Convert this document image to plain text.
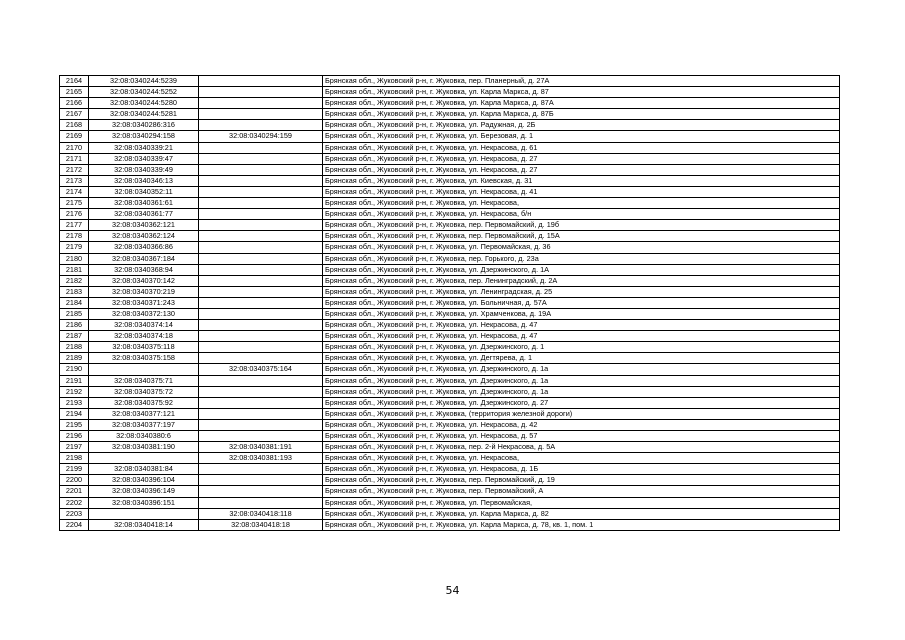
2164	32:08:0340244:5239		Брянская обл., Жуковский р-н, г. Жуковка, пер. Планерный, д. 27А
2165	32:08:0340244:5252		Брянская обл., Жуковский р-н, г. Жуковка, ул. Карла Маркса, д. 87
2166	32:08:0340244:5280		Брянская обл., Жуковский р-н, г. Жуковка, ул. Карла Маркса, д. 87А
2167	32:08:0340244:5281		Брянская обл., Жуковский р-н, г. Жуковка, ул. Карла Маркса, д. 87Б
2168	32:08:0340286:316		Брянская обл., Жуковский р-н, г. Жуковка, ул. Радужная, д. 2Б
2169	32:08:0340294:158	32:08:0340294:159	Брянская обл., Жуковский р-н, г. Жуковка, ул. Березовая, д. 1
2170	32:08:0340339:21		Брянская обл., Жуковский р-н, г. Жуковка, ул. Некрасова, д. 61
2171	32:08:0340339:47		Брянская обл., Жуковский р-н, г. Жуковка, ул. Некрасова, д. 27
2172	32:08:0340339:49		Брянская обл., Жуковский р-н, г. Жуковка, ул. Некрасова, д. 27
2173	32:08:0340346:13		Брянская обл., Жуковский р-н, г. Жуковка, ул. Киевская, д. 31
2174	32:08:0340352:11		Брянская обл., Жуковский р-н, г. Жуковка, ул. Некрасова, д. 41
2175	32:08:0340361:61		Брянская обл., Жуковский р-н, г. Жуковка, ул. Некрасова,
2176	32:08:0340361:77		Брянская обл., Жуковский р-н, г. Жуковка, ул. Некрасова, б/н
2177	32:08:0340362:121		Брянская обл., Жуковский р-н, г. Жуковка, пер. Первомайский, д. 19б
2178	32:08:0340362:124		Брянская обл., Жуковский р-н, г. Жуковка, пер. Первомайский, д. 15А
2179	32:08:0340366:86		Брянская обл., Жуковский р-н, г. Жуковка, ул. Первомайская, д. 36
2180	32:08:0340367:184		Брянская обл., Жуковский р-н, г. Жуковка, пер. Горького, д. 23а
2181	32:08:0340368:94		Брянская обл., Жуковский р-н, г. Жуковка, ул. Дзержинского, д. 1А
2182	32:08:0340370:142		Брянская обл., Жуковский р-н, г. Жуковка, пер. Ленинградский, д. 2А
2183	32:08:0340370:219		Брянская обл., Жуковский р-н, г. Жуковка, ул. Ленинградская, д. 25
2184	32:08:0340371:243		Брянская обл., Жуковский р-н, г. Жуковка, ул. Больничная, д. 57А
2185	32:08:0340372:130		Брянская обл., Жуковский р-н, г. Жуковка, ул. Храмченкова, д. 19А
2186	32:08:0340374:14		Брянская обл., Жуковский р-н, г. Жуковка, ул. Некрасова, д. 47
2187	32:08:0340374:18		Брянская обл., Жуковский р-н, г. Жуковка, ул. Некрасова, д. 47
2188	32:08:0340375:118		Брянская обл., Жуковский р-н, г. Жуковка, ул. Дзержинского, д. 1
2189	32:08:0340375:158		Брянская обл., Жуковский р-н, г. Жуковка, ул. Дегтярева, д. 1
2190		32:08:0340375:164	Брянская обл., Жуковский р-н, г. Жуковка, ул. Дзержинского, д. 1а
2191	32:08:0340375:71		Брянская обл., Жуковский р-н, г. Жуковка, ул. Дзержинского, д. 1а
2192	32:08:0340375:72		Брянская обл., Жуковский р-н, г. Жуковка, ул. Дзержинского, д. 1а
2193	32:08:0340375:92		Брянская обл., Жуковский р-н, г. Жуковка, ул. Дзержинского, д. 27
2194	32:08:0340377:121		Брянская обл., Жуковский р-н, г. Жуковка, (территория железной дороги)
2195	32:08:0340377:197		Брянская обл., Жуковский р-н, г. Жуковка, ул. Некрасова, д. 42
2196	32:08:0340380:6		Брянская обл., Жуковский р-н, г. Жуковка, ул. Некрасова, д. 57
2197	32:08:0340381:190	32:08:0340381:191	Брянская обл., Жуковский р-н, г. Жуковка, пер. 2-й Некрасова, д. 5А
2198		32:08:0340381:193	Брянская обл., Жуковский р-н, г. Жуковка, ул. Некрасова,
2199	32:08:0340381:84		Брянская обл., Жуковский р-н, г. Жуковка, ул. Некрасова, д. 1Б
2200	32:08:0340396:104		Брянская обл., Жуковский р-н, г. Жуковка, пер. Первомайский, д. 19
2201	32:08:0340396:149		Брянская обл., Жуковский р-н, г. Жуковка, пер. Первомайский, А
2202	32:08:0340396:151		Брянская обл., Жуковский р-н, г. Жуковка, ул. Первомайская,
2203		32:08:0340418:118	Брянская обл., Жуковский р-н, г. Жуковка, ул. Карла Маркса, д. 82
2204	32:08:0340418:14	32:08:0340418:18	Брянская обл., Жуковский р-н, г. Жуковка, ул. Карла Маркса, д. 78, кв. 1, пом. 1
54
